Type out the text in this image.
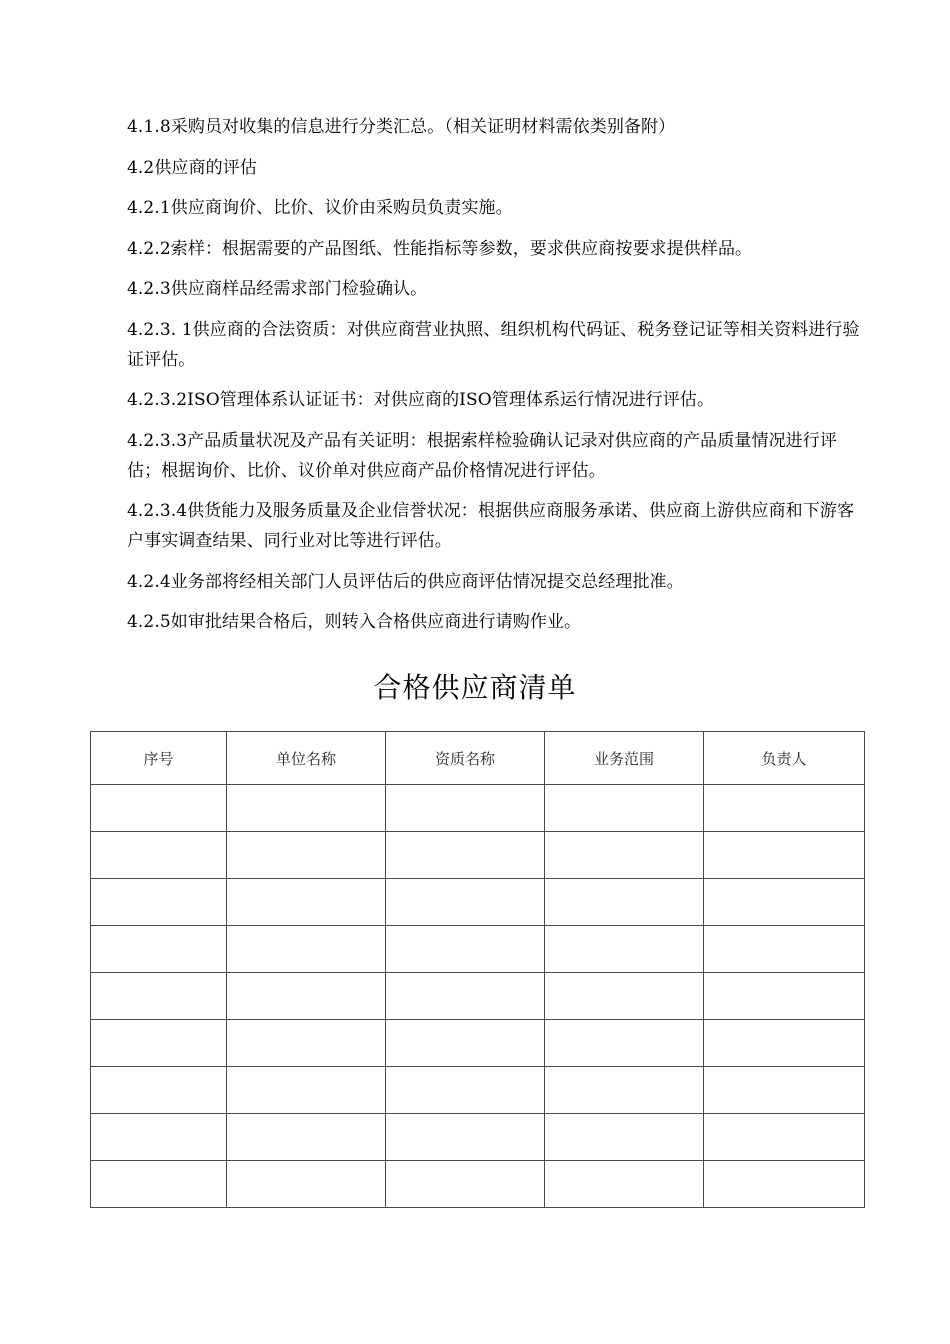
4.1.8采购员对收集的信息进行分类汇总。（相关证明材料需依类别备附）

4.2供应商的评估

4.2.1供应商询价、比价、议价由采购员负责实施。

4.2.2索样：根据需要的产品图纸、性能指标等参数，要求供应商按要求提供样品。

4.2.3供应商样品经需求部门检验确认。

4.2.3. 1供应商的合法资质：对供应商营业执照、组织机构代码证、税务登记证等相关资料进行验证评估。

4.2.3.2ISO管理体系认证证书：对供应商的ISO管理体系运行情况进行评估。

4.2.3.3产品质量状况及产品有关证明：根据索样检验确认记录对供应商的产品质量情况进行评估；根据询价、比价、议价单对供应商产品价格情况进行评估。

4.2.3.4供货能力及服务质量及企业信誉状况：根据供应商服务承诺、供应商上游供应商和下游客户事实调查结果、同行业对比等进行评估。

4.2.4业务部将经相关部门人员评估后的供应商评估情况提交总经理批准。

4.2.5如审批结果合格后，则转入合格供应商进行请购作业。

合格供应商清单
序号	单位名称	资质名称	业务范围	负责人
